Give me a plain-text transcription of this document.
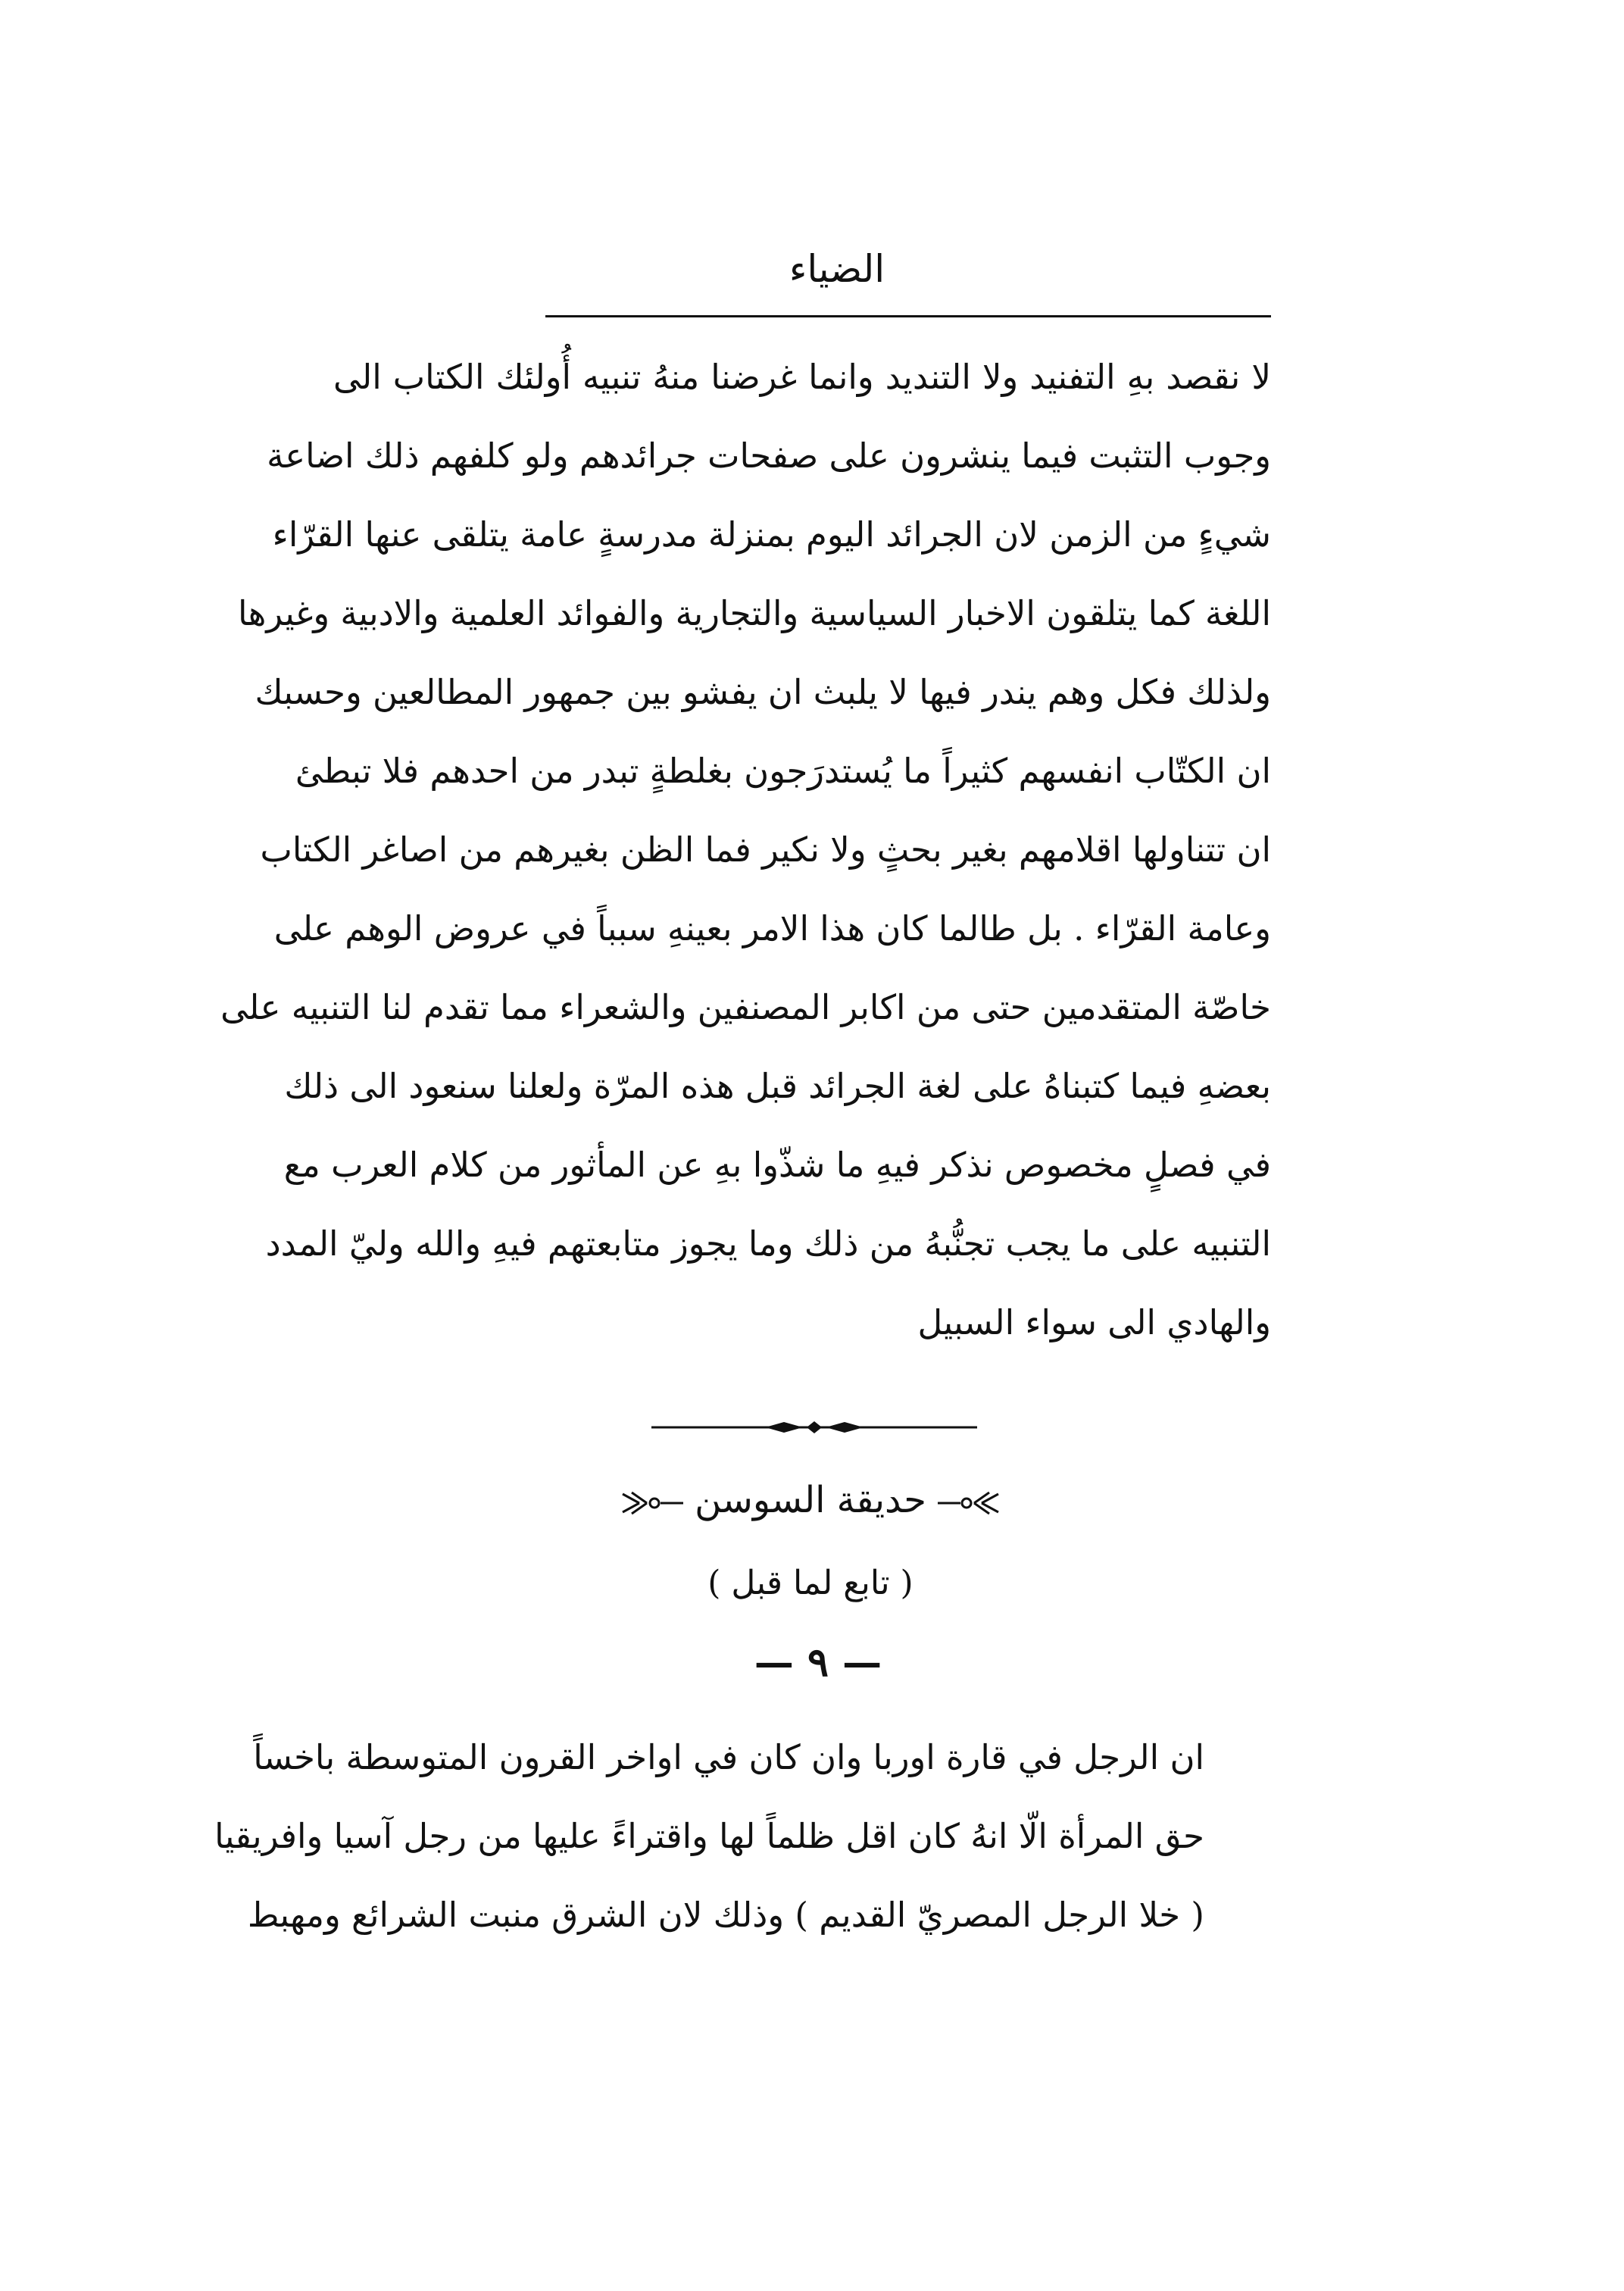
الضياء
لا نقصد بهِ التفنيد ولا التنديد وانما غرضنا منهُ تنبيه أُولئك الكتاب الى
وجوب التثبت فيما ينشرون على صفحات جرائدهم ولو كلفهم ذلك اضاعة
شيءٍ من الزمن لان الجرائد اليوم بمنزلة مدرسةٍ عامة يتلقى عنها القرّاء
اللغة كما يتلقون الاخبار السياسية والتجارية والفوائد العلمية والادبية وغيرها
ولذلك فكل وهم يندر فيها لا يلبث ان يفشو بين جمهور المطالعين وحسبك
ان الكتّاب انفسهم كثيراً ما يُستدرَجون بغلطةٍ تبدر من احدهم فلا تبطئ
ان تتناولها اقلامهم بغير بحثٍ ولا نكير فما الظن بغيرهم من اصاغر الكتاب
وعامة القرّاء . بل طالما كان هذا الامر بعينهِ سبباً في عروض الوهم على
خاصّة المتقدمين حتى من اكابر المصنفين والشعراء مما تقدم لنا التنبيه على
بعضهِ فيما كتبناهُ على لغة الجرائد قبل هذه المرّة ولعلنا سنعود الى ذلك
في فصلٍ مخصوص نذكر فيهِ ما شذّوا بهِ عن المأثور من كلام العرب مع
التنبيه على ما يجب تجنُّبهُ من ذلك وما يجوز متابعتهم فيهِ والله وليّ المدد
والهادي الى سواء السبيل
حديقة السوسن
( تابع لما قبل )
— ٩ —
ان الرجل في قارة اوربا وان كان في اواخر القرون المتوسطة باخساً
حق المرأة الّا انهُ كان اقل ظلماً لها واقتراءً عليها من رجل آسيا وافريقيا
( خلا الرجل المصريّ القديم ) وذلك لان الشرق منبت الشرائع ومهبط
